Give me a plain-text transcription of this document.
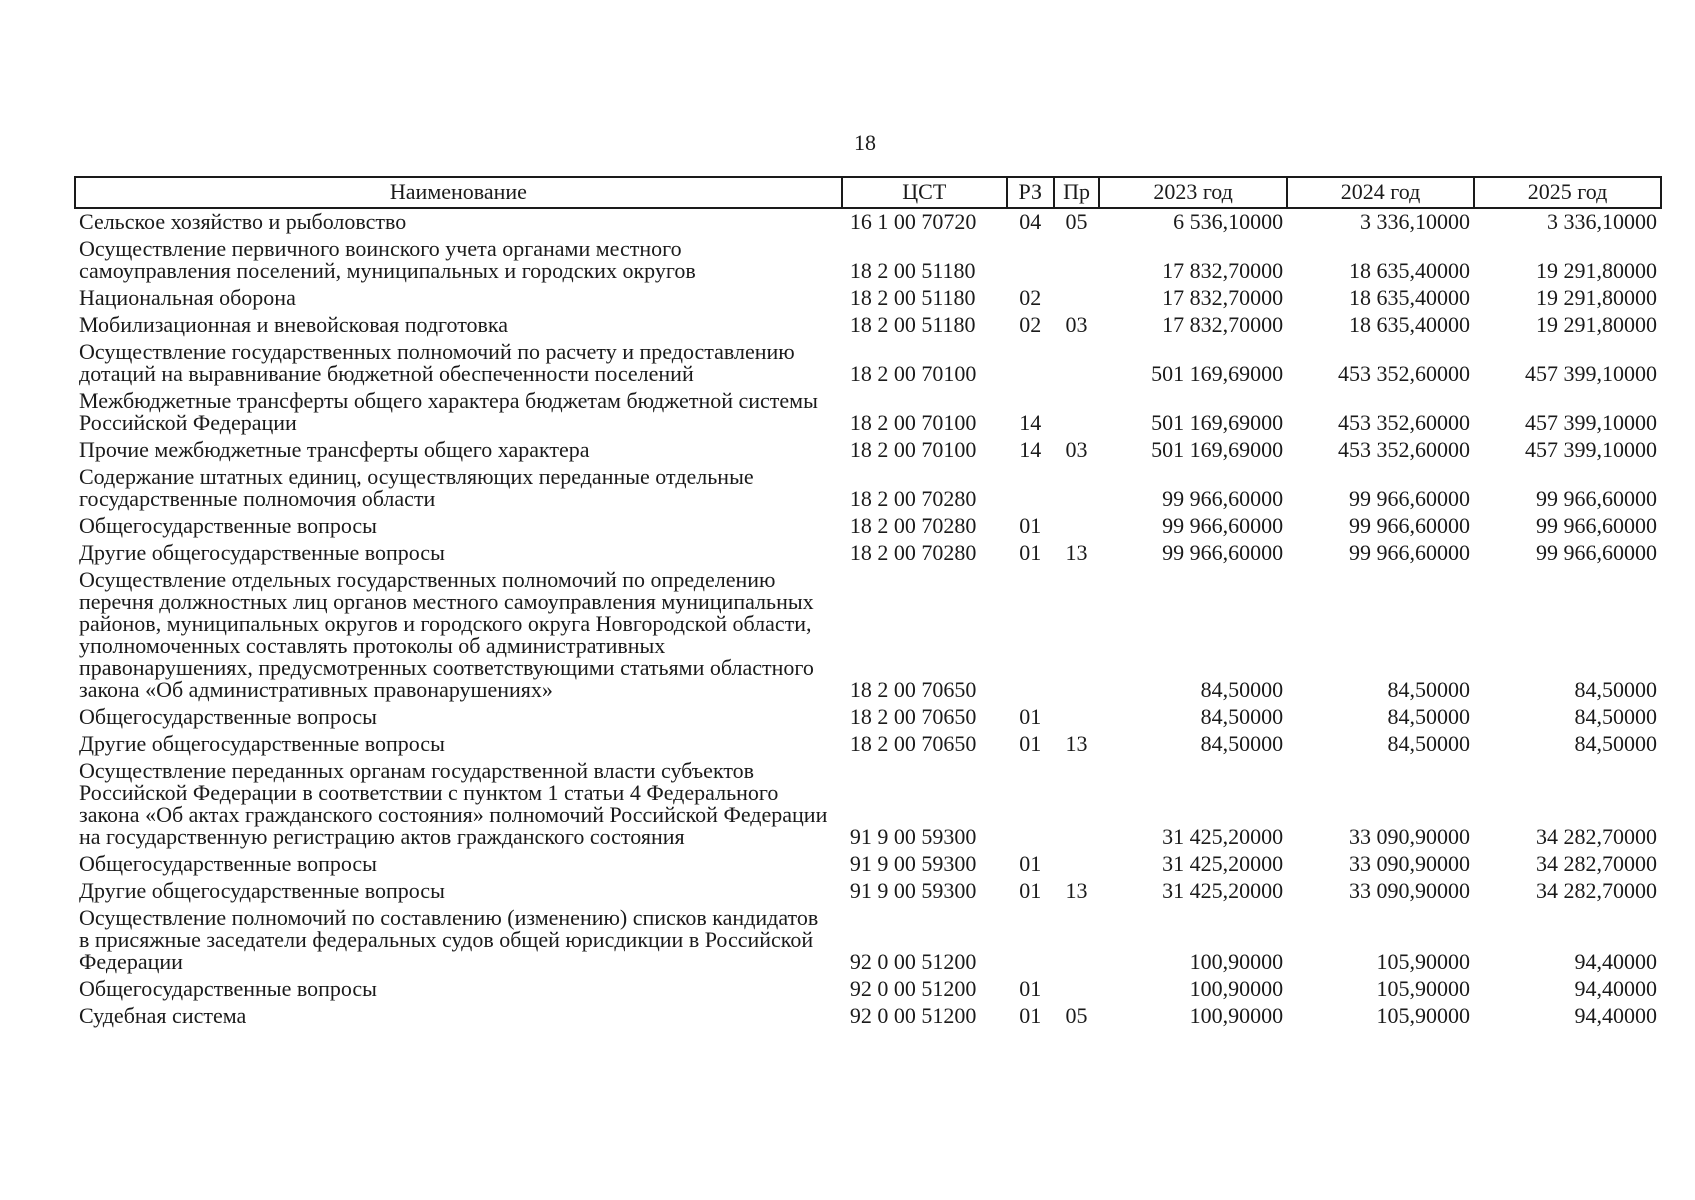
18
Наименование	ЦСТ	РЗ	Пр	2023 год	2024 год	2025 год
Сельское хозяйство и рыболовство	16 1 00 70720	04	05	6 536,10000	3 336,10000	3 336,10000
Осуществление первичного воинского учета органами местного самоуправления поселений, муниципальных и городских округов	18 2 00 51180			17 832,70000	18 635,40000	19 291,80000
Национальная оборона	18 2 00 51180	02		17 832,70000	18 635,40000	19 291,80000
Мобилизационная и вневойсковая подготовка	18 2 00 51180	02	03	17 832,70000	18 635,40000	19 291,80000
Осуществление государственных полномочий по расчету и предоставлению дотаций на выравнивание бюджетной обеспеченности поселений	18 2 00 70100			501 169,69000	453 352,60000	457 399,10000
Межбюджетные трансферты общего характера бюджетам бюджетной системы Российской Федерации	18 2 00 70100	14		501 169,69000	453 352,60000	457 399,10000
Прочие межбюджетные трансферты общего характера	18 2 00 70100	14	03	501 169,69000	453 352,60000	457 399,10000
Содержание штатных единиц, осуществляющих переданные отдельные государственные полномочия области	18 2 00 70280			99 966,60000	99 966,60000	99 966,60000
Общегосударственные вопросы	18 2 00 70280	01		99 966,60000	99 966,60000	99 966,60000
Другие общегосударственные вопросы	18 2 00 70280	01	13	99 966,60000	99 966,60000	99 966,60000
Осуществление отдельных государственных полномочий по определению перечня должностных лиц органов местного самоуправления муниципальных районов, муниципальных округов и городского округа Новгородской области, уполномоченных составлять протоколы об административных правонарушениях, предусмотренных соответствующими статьями областного закона «Об административных правонарушениях»	18 2 00 70650			84,50000	84,50000	84,50000
Общегосударственные вопросы	18 2 00 70650	01		84,50000	84,50000	84,50000
Другие общегосударственные вопросы	18 2 00 70650	01	13	84,50000	84,50000	84,50000
Осуществление переданных органам государственной власти субъектов Российской Федерации в соответствии с пунктом 1 статьи 4 Федерального закона «Об актах гражданского состояния» полномочий Российской Федерации на государственную регистрацию актов гражданского состояния	91 9 00 59300			31 425,20000	33 090,90000	34 282,70000
Общегосударственные вопросы	91 9 00 59300	01		31 425,20000	33 090,90000	34 282,70000
Другие общегосударственные вопросы	91 9 00 59300	01	13	31 425,20000	33 090,90000	34 282,70000
Осуществление полномочий по составлению (изменению) списков кандидатов в присяжные заседатели федеральных судов общей юрисдикции в Российской Федерации	92 0 00 51200			100,90000	105,90000	94,40000
Общегосударственные вопросы	92 0 00 51200	01		100,90000	105,90000	94,40000
Судебная система	92 0 00 51200	01	05	100,90000	105,90000	94,40000
